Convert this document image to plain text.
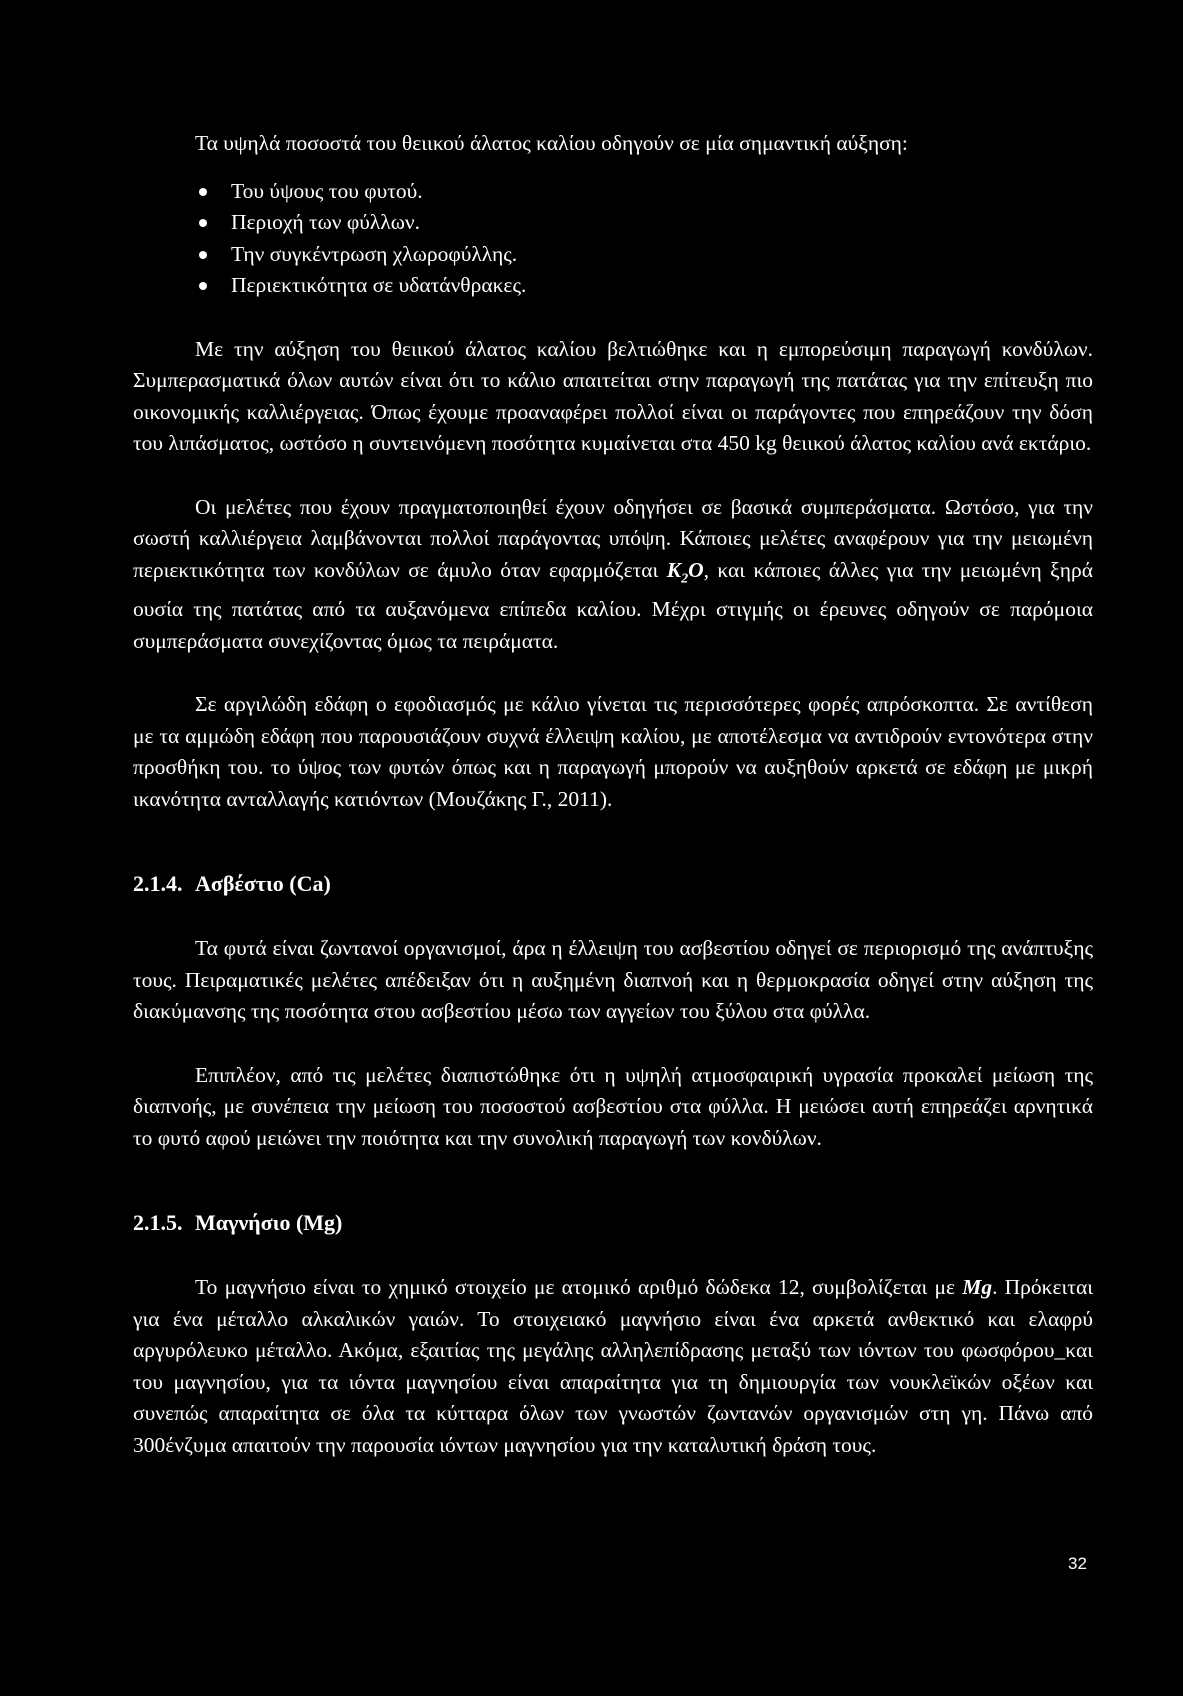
Τα υψηλά ποσοστά του θειικού άλατος καλίου οδηγούν σε μία σημαντική αύξηση:

Του ύψους του φυτού.
Περιοχή των φύλλων.
Την συγκέντρωση χλωροφύλλης.
Περιεκτικότητα σε υδατάνθρακες.

Με την αύξηση του θειικού άλατος καλίου βελτιώθηκε και η εμπορεύσιμη παραγωγή κονδύλων. Συμπερασματικά όλων αυτών είναι ότι το κάλιο απαιτείται στην παραγωγή της πατάτας για την επίτευξη πιο οικονομικής καλλιέργειας. Όπως έχουμε προαναφέρει πολλοί είναι οι παράγοντες που επηρεάζουν την δόση του λιπάσματος, ωστόσο η συντεινόμενη ποσότητα κυμαίνεται στα 450 kg θειικού άλατος καλίου ανά εκτάριο.

Οι μελέτες που έχουν πραγματοποιηθεί έχουν οδηγήσει σε βασικά συμπεράσματα. Ωστόσο, για την σωστή καλλιέργεια λαμβάνονται πολλοί παράγοντας υπόψη. Κάποιες μελέτες αναφέρουν για την μειωμένη περιεκτικότητα των κονδύλων σε άμυλο όταν εφαρμόζεται $K_2O$, και κάποιες άλλες για την μειωμένη ξηρά ουσία της πατάτας από τα αυξανόμενα επίπεδα καλίου. Μέχρι στιγμής οι έρευνες οδηγούν σε παρόμοια συμπεράσματα συνεχίζοντας όμως τα πειράματα.

Σε αργιλώδη εδάφη ο εφοδιασμός με κάλιο γίνεται τις περισσότερες φορές απρόσκοπτα. Σε αντίθεση με τα αμμώδη εδάφη που παρουσιάζουν συχνά έλλειψη καλίου, με αποτέλεσμα να αντιδρούν εντονότερα στην προσθήκη του. το ύψος των φυτών όπως και η παραγωγή μπορούν να αυξηθούν αρκετά σε εδάφη με μικρή ικανότητα ανταλλαγής κατιόντων (Μουζάκης Γ., 2011).

2.1.4. Ασβέστιο (Ca)

Τα φυτά είναι ζωντανοί οργανισμοί, άρα η έλλειψη του ασβεστίου οδηγεί σε περιορισμό της ανάπτυξης τους. Πειραματικές μελέτες απέδειξαν ότι η αυξημένη διαπνοή και η θερμοκρασία οδηγεί στην αύξηση της διακύμανσης της ποσότητα στου ασβεστίου μέσω των αγγείων του ξύλου στα φύλλα.

Επιπλέον, από τις μελέτες διαπιστώθηκε ότι η υψηλή ατμοσφαιρική υγρασία προκαλεί μείωση της διαπνοής, με συνέπεια την μείωση του ποσοστού ασβεστίου στα φύλλα. Η μειώσει αυτή επηρεάζει αρνητικά το φυτό αφού μειώνει την ποιότητα και την συνολική παραγωγή των κονδύλων.

2.1.5. Μαγνήσιο (Mg)

Το μαγνήσιο είναι το χημικό στοιχείο με ατομικό αριθμό δώδεκα 12, συμβολίζεται με Mg. Πρόκειται για ένα μέταλλο αλκαλικών γαιών. Το στοιχειακό μαγνήσιο είναι ένα αρκετά ανθεκτικό και ελαφρύ αργυρόλευκο μέταλλο. Ακόμα, εξαιτίας της μεγάλης αλληλεπίδρασης μεταξύ των ιόντων του φωσφόρου_και του μαγνησίου, για τα ιόντα μαγνησίου είναι απαραίτητα για τη δημιουργία των νουκλεϊκών οξέων και συνεπώς απαραίτητα σε όλα τα κύτταρα όλων των γνωστών ζωντανών οργανισμών στη γη. Πάνω από 300ένζυμα απαιτούν την παρουσία ιόντων μαγνησίου για την καταλυτική δράση τους.

32
